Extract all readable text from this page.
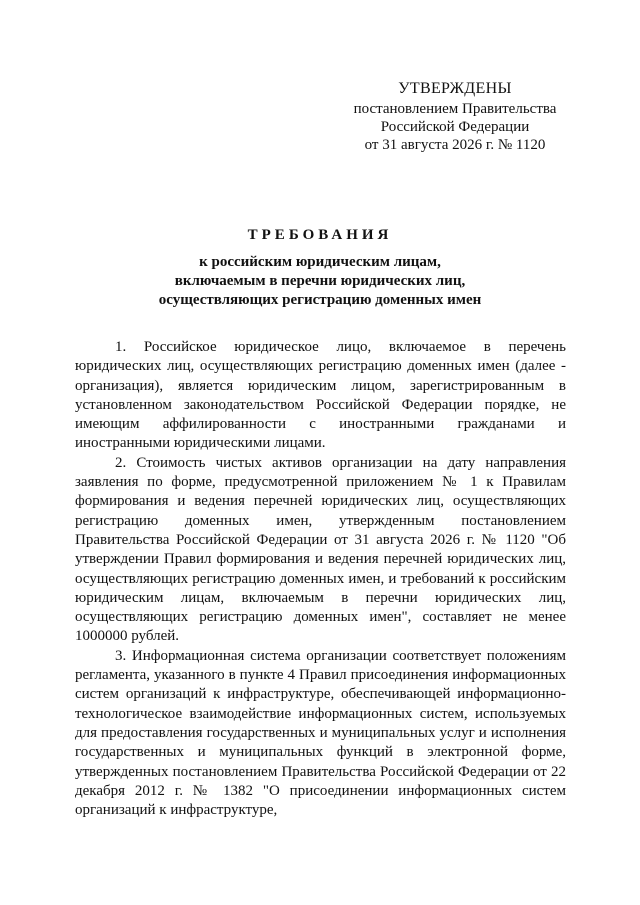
УТВЕРЖДЕНЫ
постановлением Правительства
Российской Федерации
от 31 августа 2026 г. № 1120
ТРЕБОВАНИЯ
к российским юридическим лицам,
включаемым в перечни юридических лиц,
осуществляющих регистрацию доменных имен

1. Российское юридическое лицо, включаемое в перечень юридических лиц, осуществляющих регистрацию доменных имен (далее - организация), является юридическим лицом, зарегистрированным в установленном законодательством Российской Федерации порядке, не имеющим аффилированности с иностранными гражданами и иностранными юридическими лицами.

2. Стоимость чистых активов организации на дату направления заявления по форме, предусмотренной приложением № 1 к Правилам формирования и ведения перечней юридических лиц, осуществляющих регистрацию доменных имен, утвержденным постановлением Правительства Российской Федерации от 31 августа 2026 г. № 1120 "Об утверждении Правил формирования и ведения перечней юридических лиц, осуществляющих регистрацию доменных имен, и требований к российским юридическим лицам, включаемым в перечни юридических лиц, осуществляющих регистрацию доменных имен", составляет не менее 1000000 рублей.

3. Информационная система организации соответствует положениям регламента, указанного в пункте 4 Правил присоединения информационных систем организаций к инфраструктуре, обеспечивающей информационно-технологическое взаимодействие информационных систем, используемых для предоставления государственных и муниципальных услуг и исполнения государственных и муниципальных функций в электронной форме, утвержденных постановлением Правительства Российской Федерации от 22 декабря 2012 г. № 1382 "О присоединении информационных систем организаций к инфраструктуре,
